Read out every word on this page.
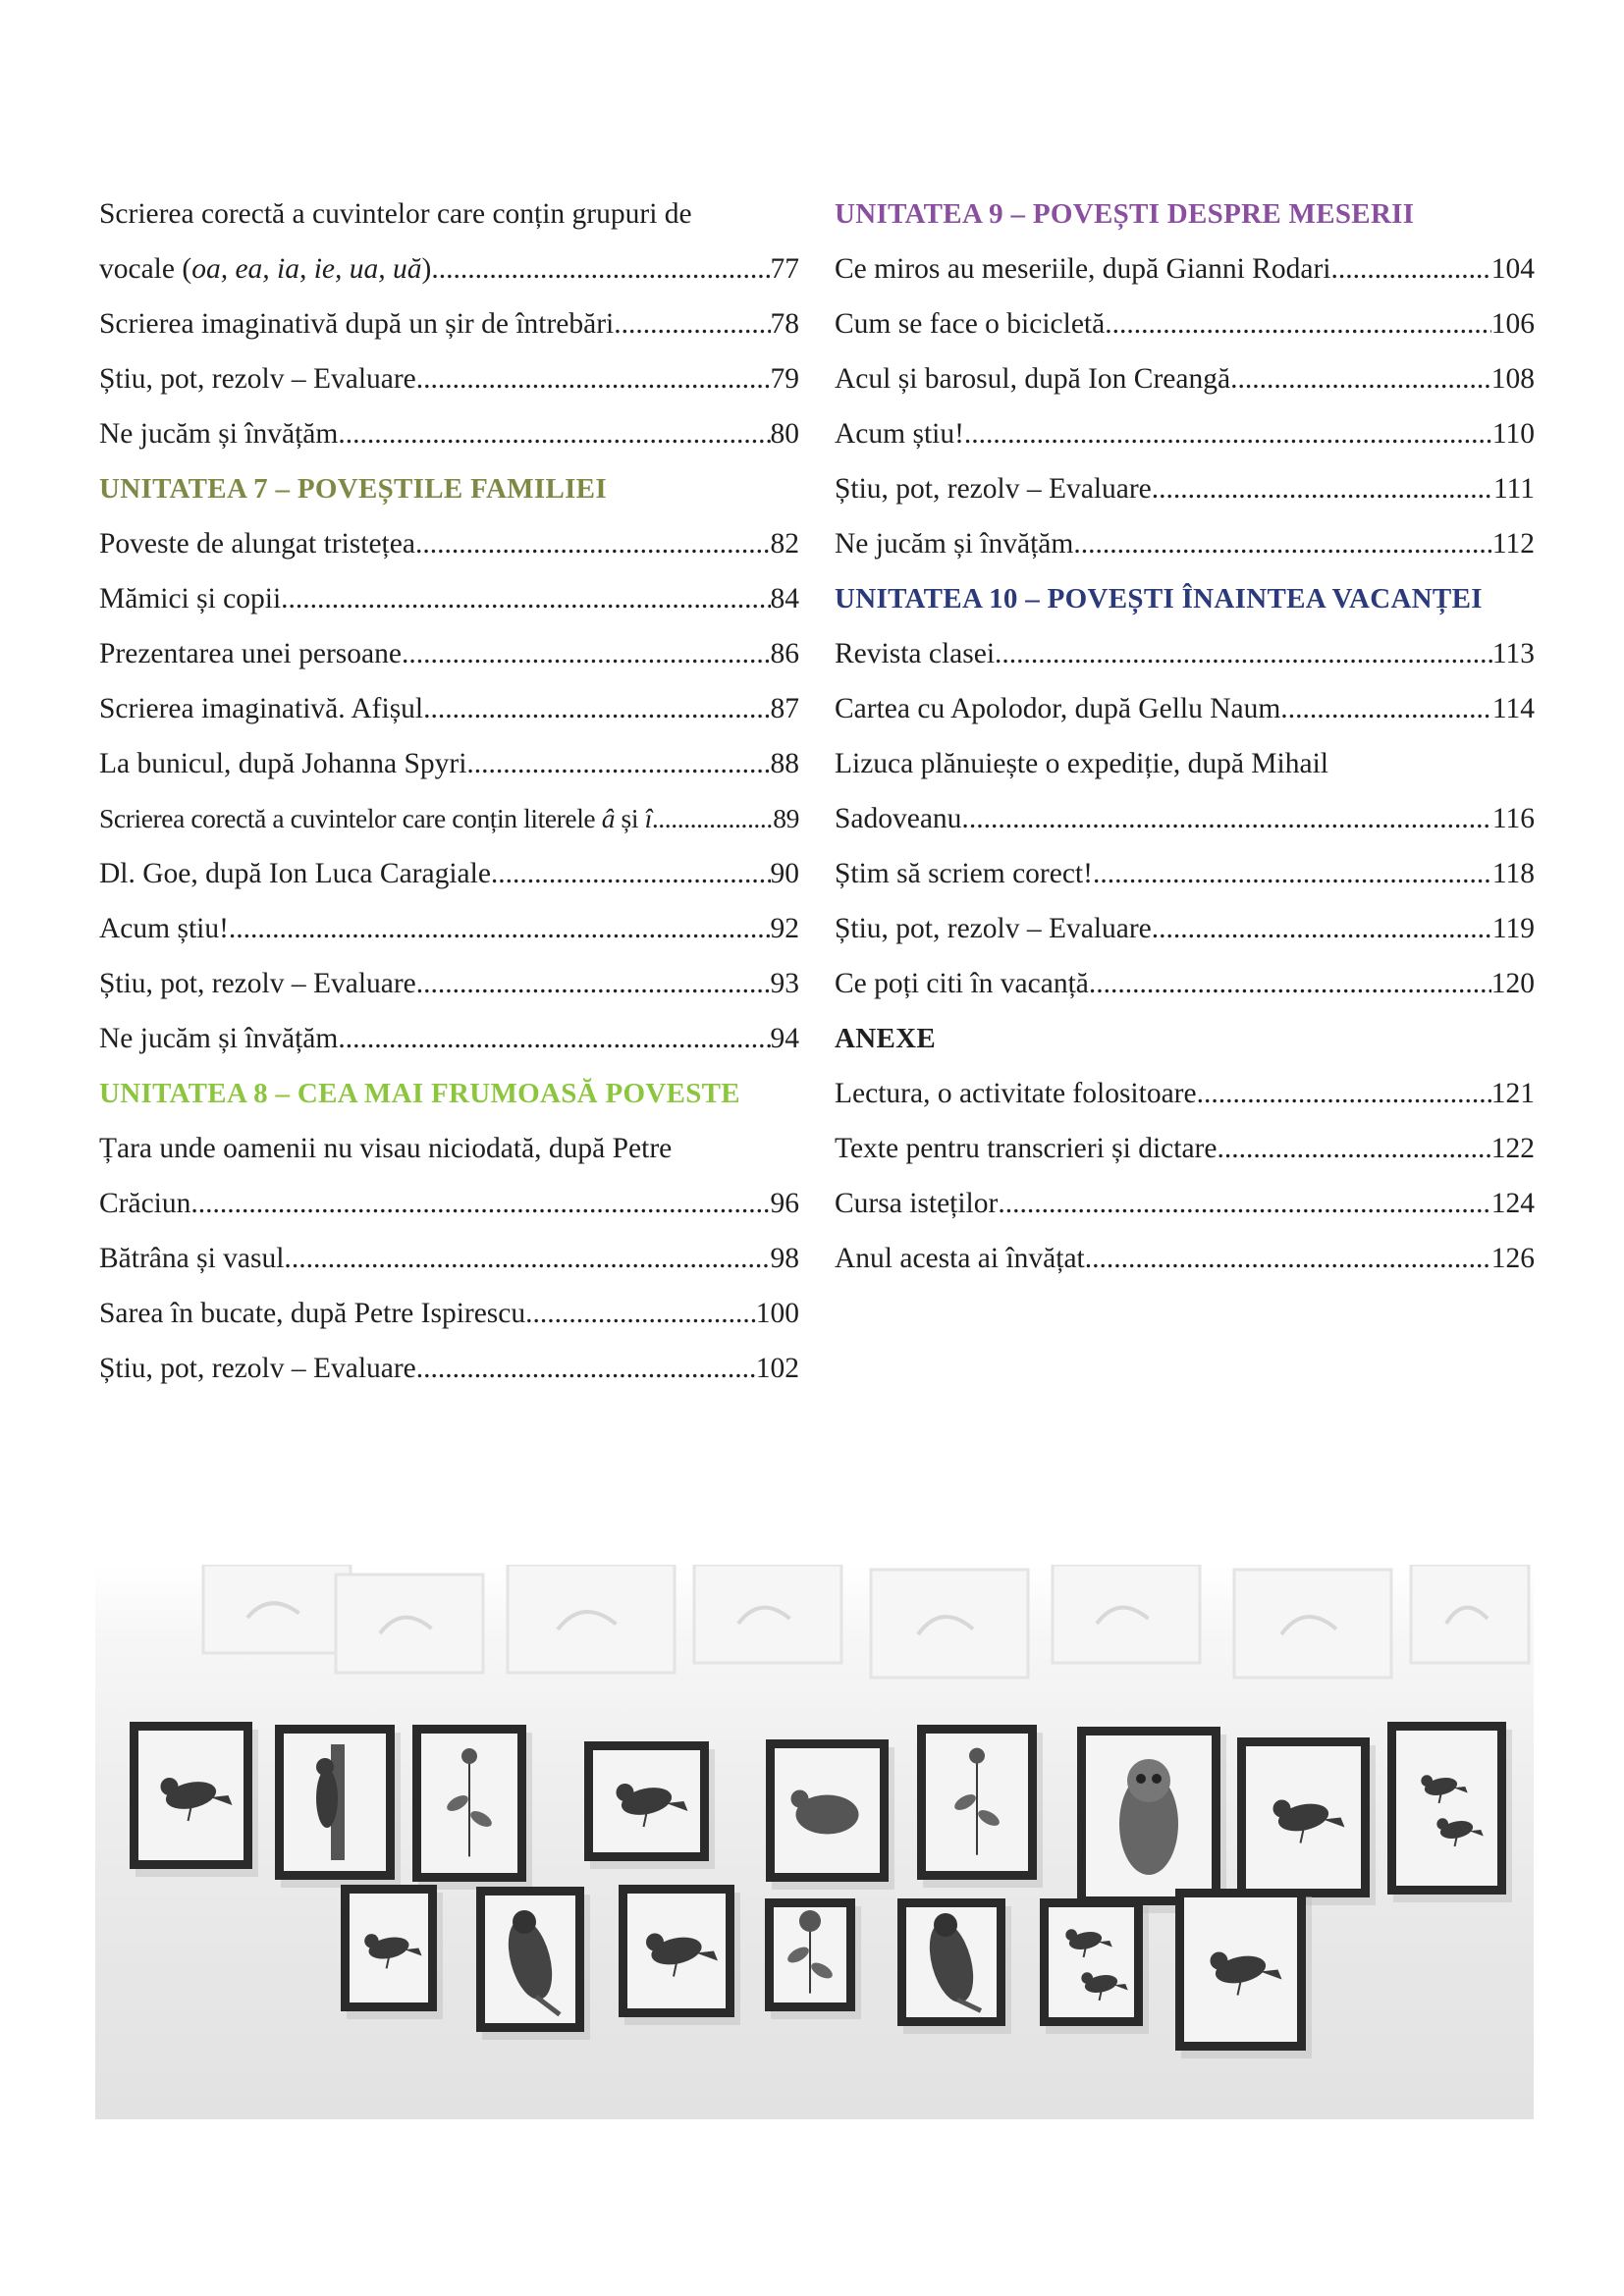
Scrierea corectă a cuvintelor care conțin grupuri de
vocale (oa, ea, ia, ie, ua, uă) .....	77
Scrierea imaginativă după un șir de întrebări .....	78
Știu, pot, rezolv – Evaluare .....	79
Ne jucăm și învățăm .....	80
UNITATEA 7 – POVEȘTILE FAMILIEI
Poveste de alungat tristețea .....	82
Mămici și copii .....	84
Prezentarea unei persoane .....	86
Scrierea imaginativă. Afișul .....	87
La bunicul, după Johanna Spyri. .....	88
Scrierea corectă a cuvintelor care conțin literele â și î .....	89
Dl. Goe, după Ion Luca Caragiale .....	90
Acum știu! .....	92
Știu, pot, rezolv – Evaluare .....	93
Ne jucăm și învățăm .....	94
UNITATEA 8 – CEA MAI FRUMOASĂ POVESTE
Țara unde oamenii nu visau niciodată, după Petre
Crăciun. .....	96
Bătrâna și vasul. .....	98
Sarea în bucate, după Petre Ispirescu .....	100
Știu, pot, rezolv – Evaluare .....	102
UNITATEA 9 – POVEȘTI DESPRE MESERII
Ce miros au meseriile, după Gianni Rodari .....	104
Cum se face o bicicletă .....	106
Acul și barosul, după Ion Creangă .....	108
Acum știu! .....	110
Știu, pot, rezolv – Evaluare .....	111
Ne jucăm și învățăm .....	112
UNITATEA 10 – POVEȘTI ÎNAINTEA VACANȚEI
Revista clasei .....	113
Cartea cu Apolodor, după Gellu Naum. .....	114
Lizuca plănuiește o expediție, după Mihail
Sadoveanu. .....	116
Știm să scriem corect! .....	118
Știu, pot, rezolv – Evaluare .....	119
Ce poți citi în vacanță .....	120
ANEXE
Lectura, o activitate folositoare .....	121
Texte pentru transcrieri și dictare .....	122
Cursa isteților .....	124
Anul acesta ai învățat .....	126
